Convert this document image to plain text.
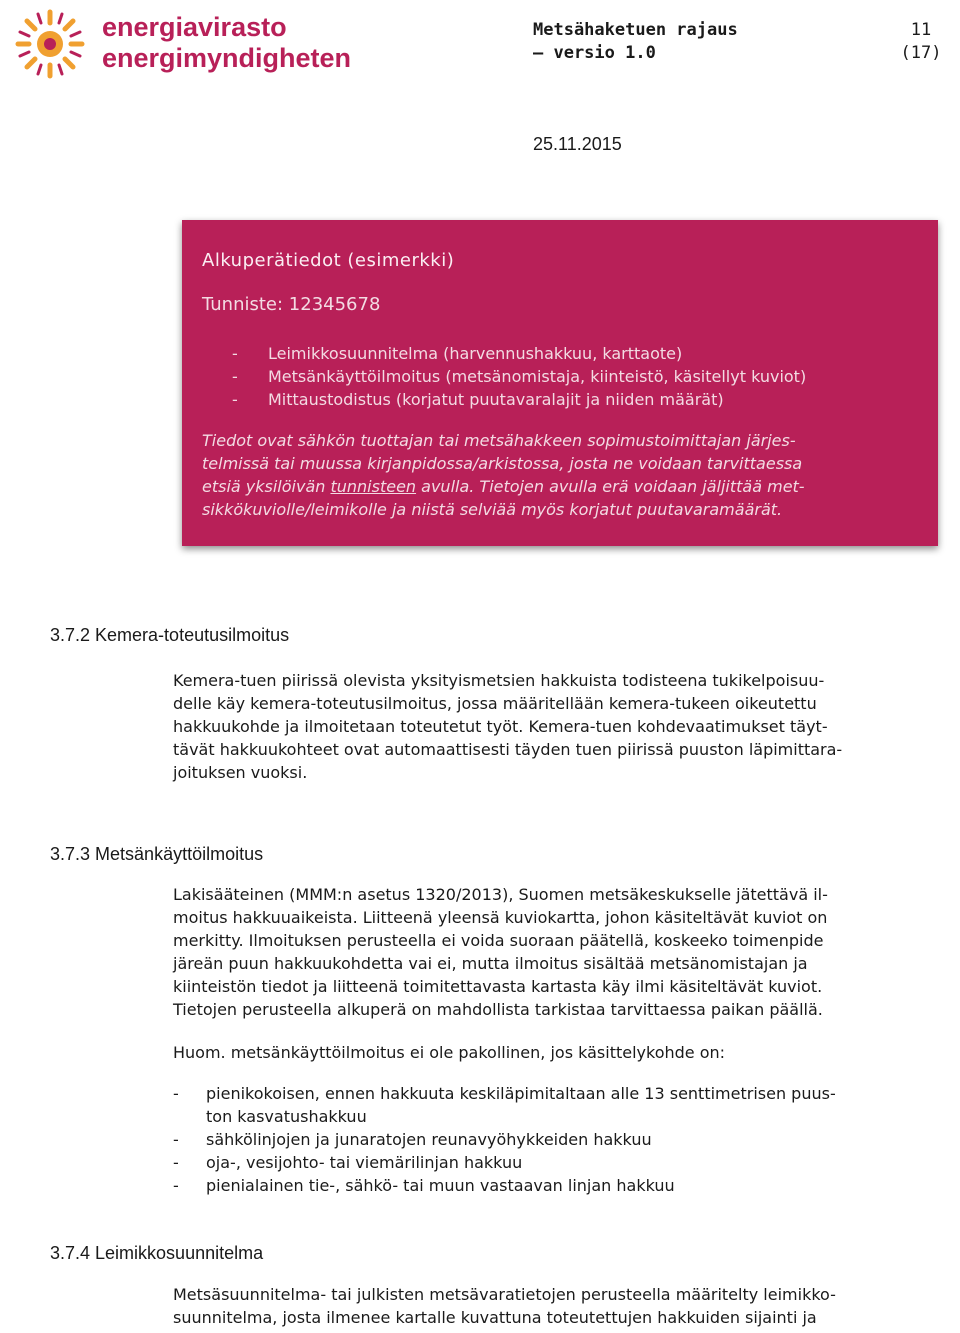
energiavirasto
energimyndigheten
Metsähaketuen rajaus
– versio 1.0
11
(17)
25.11.2015
Alkuperätiedot (esimerkki)
Tunniste: 12345678
- Leimikkosuunnitelma (harvennushakkuu, karttaote)
- Metsänkäyttöilmoitus (metsänomistaja, kiinteistö, käsitellyt kuviot)
- Mittaustodistus (korjatut puutavaralajit ja niiden määrät)
Tiedot ovat sähkön tuottajan tai metsähakkeen sopimustoimittajan järjes-
telmissä tai muussa kirjanpidossa/arkistossa, josta ne voidaan tarvittaessa
etsiä yksilöivän tunnisteen avulla. Tietojen avulla erä voidaan jäljittää met-
sikkökuviolle/leimikolle ja niistä selviää myös korjatut puutavaramäärät.
3.7.2 Kemera-toteutusilmoitus
Kemera-tuen piirissä olevista yksityismetsien hakkuista todisteena tukikelpoisuu-
delle käy kemera-toteutusilmoitus, jossa määritellään kemera-tukeen oikeutettu
hakkuukohde ja ilmoitetaan toteutetut työt. Kemera-tuen kohdevaatimukset täyt-
tävät hakkuukohteet ovat automaattisesti täyden tuen piirissä puuston läpimittara-
joituksen vuoksi.
3.7.3 Metsänkäyttöilmoitus
Lakisääteinen (MMM:n asetus 1320/2013), Suomen metsäkeskukselle jätettävä il-
moitus hakkuuaikeista. Liitteenä yleensä kuviokartta, johon käsiteltävät kuviot on
merkitty. Ilmoituksen perusteella ei voida suoraan päätellä, koskeeko toimenpide
järeän puun hakkuukohdetta vai ei, mutta ilmoitus sisältää metsänomistajan ja
kiinteistön tiedot ja liitteenä toimitettavasta kartasta käy ilmi käsiteltävät kuviot.
Tietojen perusteella alkuperä on mahdollista tarkistaa tarvittaessa paikan päällä.
Huom. metsänkäyttöilmoitus ei ole pakollinen, jos käsittelykohde on:
- pienikokoisen, ennen hakkuuta keskiläpimitaltaan alle 13 senttimetrisen puus-
ton kasvatushakkuu
- sähkölinjojen ja junaratojen reunavyöhykkeiden hakkuu
- oja-, vesijohto- tai viemärilinjan hakkuu
- pienialainen tie-, sähkö- tai muun vastaavan linjan hakkuu
3.7.4 Leimikkosuunnitelma
Metsäsuunnitelma- tai julkisten metsävaratietojen perusteella määritelty leimikko-
suunnitelma, josta ilmenee kartalle kuvattuna toteutettujen hakkuiden sijainti ja
